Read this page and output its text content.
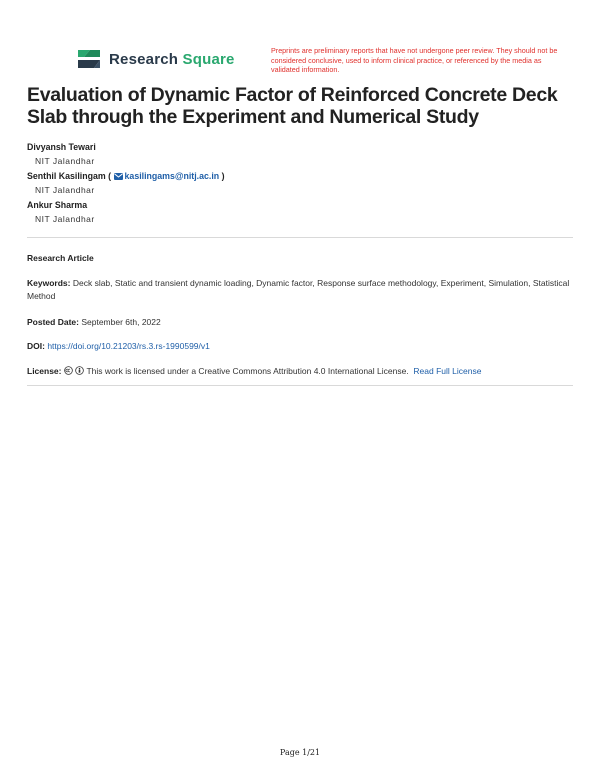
Research Square	Preprints are preliminary reports that have not undergone peer review. They should not be considered conclusive, used to inform clinical practice, or referenced by the media as validated information.
Evaluation of Dynamic Factor of Reinforced Concrete Deck Slab through the Experiment and Numerical Study
Divyansh Tewari
NIT Jalandhar
Senthil Kasilingam ( kasilingams@nitj.ac.in )
NIT Jalandhar
Ankur Sharma
NIT Jalandhar
Research Article
Keywords: Deck slab, Static and transient dynamic loading, Dynamic factor, Response surface methodology, Experiment, Simulation, Statistical Method
Posted Date: September 6th, 2022
DOI: https://doi.org/10.21203/rs.3.rs-1990599/v1
License:	This work is licensed under a Creative Commons Attribution 4.0 International License. Read Full License
Page 1/21
